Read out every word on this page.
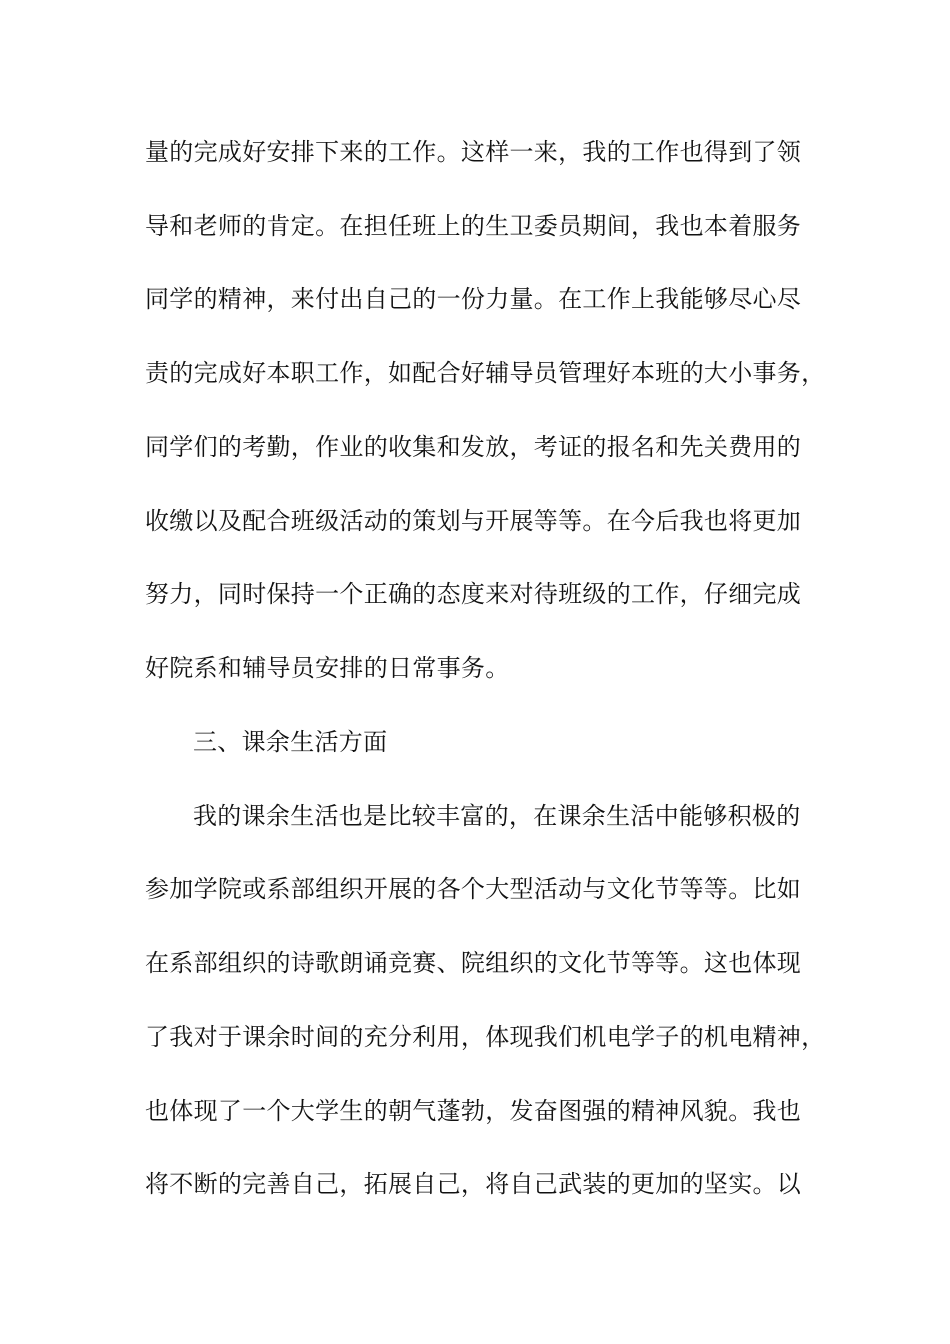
量的完成好安排下来的工作。这样一来，我的工作也得到了领
导和老师的肯定。在担任班上的生卫委员期间，我也本着服务
同学的精神，来付出自己的一份力量。在工作上我能够尽心尽
责的完成好本职工作，如配合好辅导员管理好本班的大小事务，
同学们的考勤，作业的收集和发放，考证的报名和先关费用的
收缴以及配合班级活动的策划与开展等等。在今后我也将更加
努力，同时保持一个正确的态度来对待班级的工作，仔细完成
好院系和辅导员安排的日常事务。
三、课余生活方面
我的课余生活也是比较丰富的，在课余生活中能够积极的
参加学院或系部组织开展的各个大型活动与文化节等等。比如
在系部组织的诗歌朗诵竞赛、院组织的文化节等等。这也体现
了我对于课余时间的充分利用，体现我们机电学子的机电精神，
也体现了一个大学生的朝气蓬勃，发奋图强的精神风貌。我也
将不断的完善自己，拓展自己，将自己武装的更加的坚实。以
